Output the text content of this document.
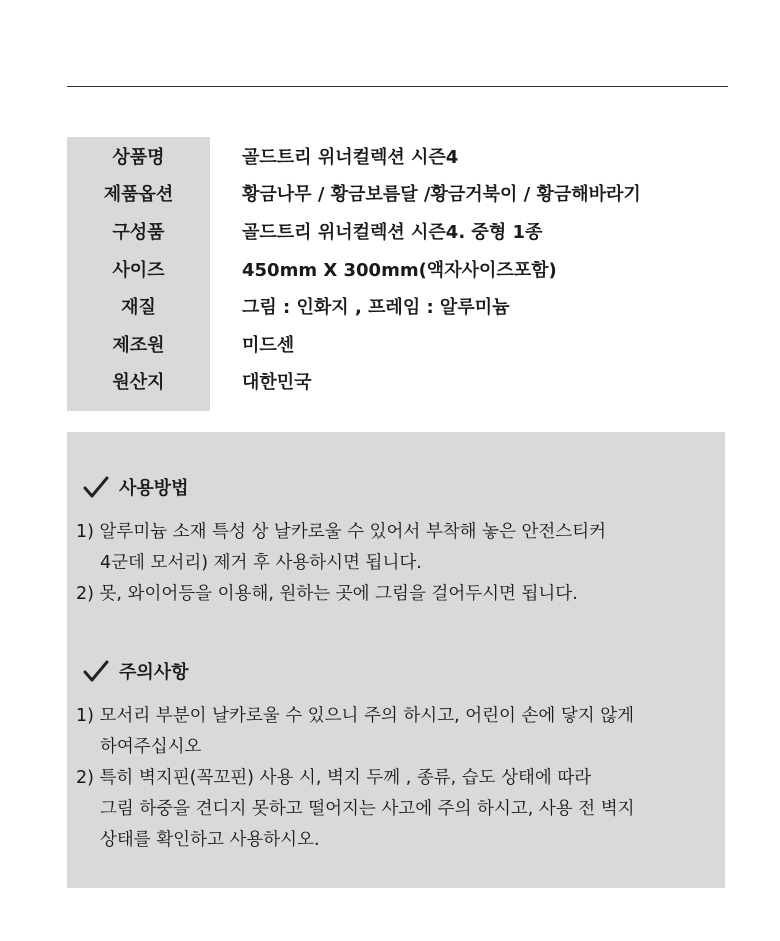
상품명	골드트리 위너컬렉션 시즌4
제품옵션	황금나무 / 황금보름달 /황금거북이 / 황금해바라기
구성품	골드트리 위너컬렉션 시즌4. 중형 1종
사이즈	450mm X 300mm(액자사이즈포함)
재질	그림 : 인화지 , 프레임 : 알루미늄
제조원	미드센
원산지	대한민국
사용방법
1) 알루미늄 소재 특성 상 날카로울 수 있어서 부착해 놓은 안전스티커
4군데 모서리) 제거 후 사용하시면 됩니다.
2) 못, 와이어등을 이용해, 원하는 곳에 그림을 걸어두시면 됩니다.
주의사항
1) 모서리 부분이 날카로울 수 있으니 주의 하시고, 어린이 손에 닿지 않게
하여주십시오
2) 특히 벽지핀(꼭꼬핀) 사용 시, 벽지 두께 , 종류, 습도 상태에 따라
그림 하중을 견디지 못하고 떨어지는 사고에 주의 하시고, 사용 전 벽지
상태를 확인하고 사용하시오.
